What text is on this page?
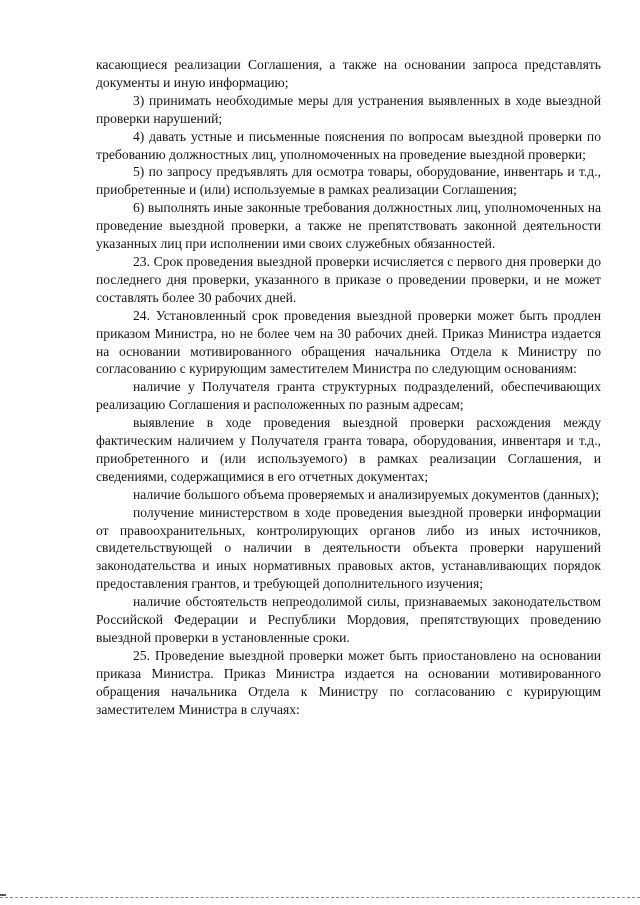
касающиеся реализации Соглашения, а также на основании запроса представлять документы и иную информацию;

3) принимать необходимые меры для устранения выявленных в ходе выездной проверки нарушений;

4) давать устные и письменные пояснения по вопросам выездной проверки по требованию должностных лиц, уполномоченных на проведение выездной проверки;

5) по запросу предъявлять для осмотра товары, оборудование, инвентарь и т.д., приобретенные и (или) используемые в рамках реализации Соглашения;

6) выполнять иные законные требования должностных лиц, уполномоченных на проведение выездной проверки, а также не препятствовать законной деятельности указанных лиц при исполнении ими своих служебных обязанностей.

23. Срок проведения выездной проверки исчисляется с первого дня проверки до последнего дня проверки, указанного в приказе о проведении проверки, и не может составлять более 30 рабочих дней.

24. Установленный срок проведения выездной проверки может быть продлен приказом Министра, но не более чем на 30 рабочих дней. Приказ Министра издается на основании мотивированного обращения начальника Отдела к Министру по согласованию с курирующим заместителем Министра по следующим основаниям:

наличие у Получателя гранта структурных подразделений, обеспечивающих реализацию Соглашения и расположенных по разным адресам;

выявление в ходе проведения выездной проверки расхождения между фактическим наличием у Получателя гранта товара, оборудования, инвентаря и т.д., приобретенного и (или используемого) в рамках реализации Соглашения, и сведениями, содержащимися в его отчетных документах;

наличие большого объема проверяемых и анализируемых документов (данных);

получение министерством в ходе проведения выездной проверки информации от правоохранительных, контролирующих органов либо из иных источников, свидетельствующей о наличии в деятельности объекта проверки нарушений законодательства и иных нормативных правовых актов, устанавливающих порядок предоставления грантов, и требующей дополнительного изучения;

наличие обстоятельств непреодолимой силы, признаваемых законодательством Российской Федерации и Республики Мордовия, препятствующих проведению выездной проверки в установленные сроки.

25. Проведение выездной проверки может быть приостановлено на основании приказа Министра. Приказ Министра издается на основании мотивированного обращения начальника Отдела к Министру по согласованию с курирующим заместителем Министра в случаях:
